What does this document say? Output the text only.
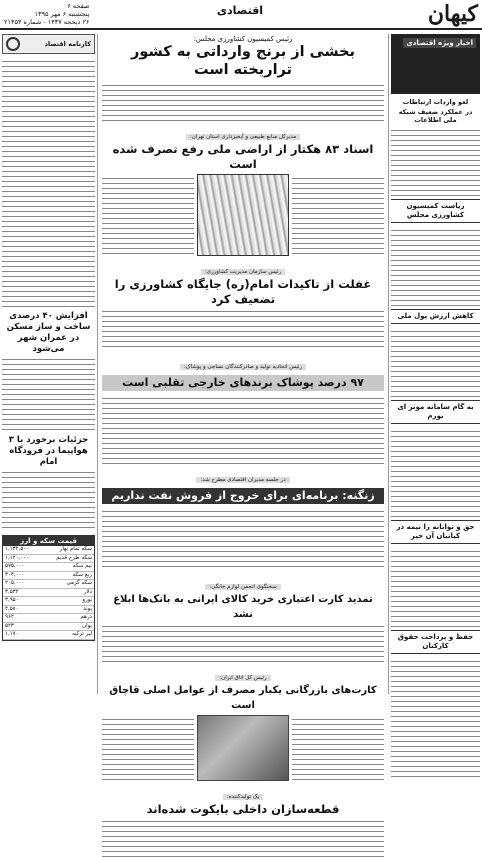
کیهان
اقتصادی
صفحه ۶
پنجشنبه ۶ مهر ۱۳۹۵
۲۶ ذیحجه ۱۴۳۷ - شماره ۲۱۴۵۴
اخبار ویژه اقتصادی
لغو واردات ارتباطات
در عملکرد ضعیف شبکه ملی اطلاعات
ریاست کمیسیون کشاورزی مجلس
کاهش ارزش پول ملی
به گام سامانه موثر ای نورم
حق و توانانه را نیمه در کیانیان آن خیر
حفظ و پرداخت حقوق کارکنان
رئیس کمیسیون کشاورزی مجلس:
بخشی از برنج وارداتی به کشور تراریخته است
مدیرکل منابع طبیعی و آبخیزداری استان تهران:
اسناد ۸۳ هکتار از اراضی ملی رفع تصرف شده است
رئیس سازمان مدیریت کشاورزی:
غفلت از تاکیدات امام(ره) جایگاه کشاورزی را تضعیف کرد
رئیس اتحادیه تولید و صادرکنندگان نساجی و پوشاک:
۹۷ درصد پوشاک برندهای خارجی تقلبی است
در جلسه مدیران اقتصادی مطرح شد:
زنگنه: برنامه‌ای برای خروج از فروش نفت نداریم
سخنگوی انجمن لوازم خانگی:
تمدید کارت اعتباری خرید کالای ایرانی به بانک‌ها ابلاغ نشد
رئیس کل اتاق ایران:
کارت‌های بازرگانی یکبار مصرف از عوامل اصلی قاچاق است
یک تولیدکننده:
قطعه‌سازان داخلی بایکوت شده‌اند
کارنامه اقتصاد
افزایش ۴۰ درصدی ساخت و ساز مسکن در عمران شهر می‌شود
جزئیات برخورد با ۳ هواپیما در فرودگاه امام
قیمت سکه و ارز
سکه تمام بهار	۱,۱۳۲,۵۰۰
سکه طرح قدیم	۱,۱۲۰,۰۰۰
نیم سکه	۵۷۵,۰۰۰
ربع سکه	۳۰۴,۰۰۰
سکه گرمی	۲۰۵,۰۰۰
دلار	۳,۵۳۲
یورو	۳,۹۵۰
پوند	۴,۵۸۰
درهم	۹۶۲
یوان	۵۲۳
لیر ترکیه	۱,۱۷۰
